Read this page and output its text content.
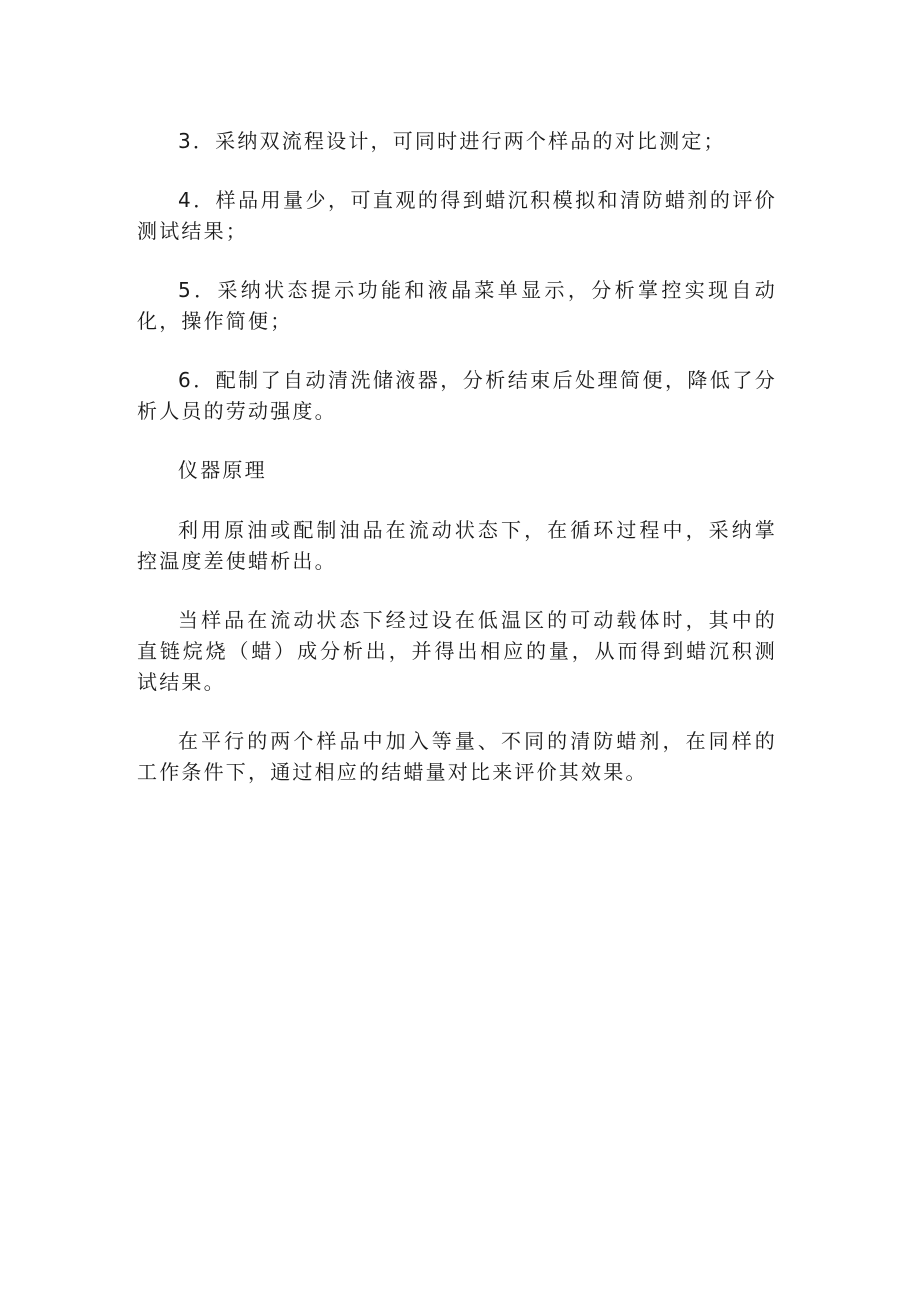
3．采纳双流程设计，可同时进行两个样品的对比测定；

4．样品用量少，可直观的得到蜡沉积模拟和清防蜡剂的评价测试结果；

5．采纳状态提示功能和液晶菜单显示，分析掌控实现自动化，操作简便；

6．配制了自动清洗储液器，分析结束后处理简便，降低了分析人员的劳动强度。

仪器原理

利用原油或配制油品在流动状态下，在循环过程中，采纳掌控温度差使蜡析出。

当样品在流动状态下经过设在低温区的可动载体时，其中的直链烷烧（蜡）成分析出，并得出相应的量，从而得到蜡沉积测试结果。

在平行的两个样品中加入等量、不同的清防蜡剂，在同样的工作条件下，通过相应的结蜡量对比来评价其效果。
